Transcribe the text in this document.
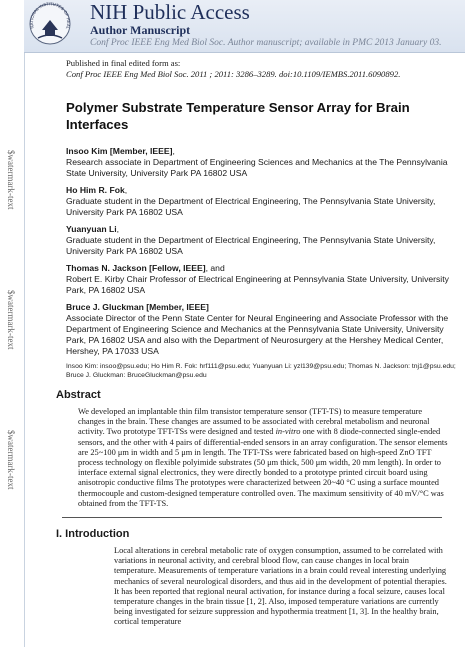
$watermark-text
$watermark-text
$watermark-text
NATIONAL INSTITUTES OF HEAL
NIH Public Access
Author Manuscript
Conf Proc IEEE Eng Med Biol Soc. Author manuscript; available in PMC 2013 January 03.
Published in final edited form as:
Conf Proc IEEE Eng Med Biol Soc. 2011 ; 2011: 3286–3289. doi:10.1109/IEMBS.2011.6090892.
Polymer Substrate Temperature Sensor Array for Brain Interfaces
Insoo Kim [Member, IEEE],
Research associate in Department of Engineering Sciences and Mechanics at the The Pennsylvania State University, University Park PA 16802 USA
Ho Him R. Fok,
Graduate student in the Department of Electrical Engineering, The Pennsylvania State University, University Park PA 16802 USA
Yuanyuan Li,
Graduate student in the Department of Electrical Engineering, The Pennsylvania State University, University Park PA 16802 USA
Thomas N. Jackson [Fellow, IEEE], and
Robert E. Kirby Chair Professor of Electrical Engineering at Pennsylvania State University, University Park, PA 16802 USA
Bruce J. Gluckman [Member, IEEE]
Associate Director of the Penn State Center for Neural Engineering and Associate Professor with the Department of Engineering Science and Mechanics at the Pennsylvania State University, University Park, PA 16802 USA and also with the Department of Neurosurgery at the Hershey Medical Center, Hershey, PA 17033 USA
Insoo Kim: insoo@psu.edu; Ho Him R. Fok: hrf111@psu.edu; Yuanyuan Li: yzl139@psu.edu; Thomas N. Jackson: tnj1@psu.edu; Bruce J. Gluckman: BruceGluckman@psu.edu
Abstract
We developed an implantable thin film transistor temperature sensor (TFT-TS) to measure temperature changes in the brain. These changes are assumed to be associated with cerebral metabolism and neuronal activity. Two prototype TFT-TSs were designed and tested in-vitro one with 8 diode-connected single-ended sensors, and the other with 4 pairs of differential-ended sensors in an array configuration. The sensor elements are 25~100 μm in width and 5 μm in length. The TFT-TSs were fabricated based on high-speed ZnO TFT process technology on flexible polyimide substrates (50 μm thick, 500 μm width, 20 mm length). In order to interface external signal electronics, they were directly bonded to a prototype printed circuit board using anisotropic conductive films The prototypes were characterized between 20~40 °C using a surface mounted thermocouple and custom-designed temperature controlled oven. The maximum sensitivity of 40 mV/°C was obtained from the TFT-TS.
I. Introduction
Local alterations in cerebral metabolic rate of oxygen consumption, assumed to be correlated with variations in neuronal activity, and cerebral blood flow, can cause changes in local brain temperature. Measurements of temperature variations in a brain could reveal interesting underlying mechanics of several neurological disorders, and thus aid in the development of potential therapies. It has been reported that regional neural activation, for instance during a focal seizure, causes local temperature changes in the brain tissue [1, 2]. Also, imposed temperature variations are currently being investigated for seizure suppression and hypothermia treatment [1, 3]. In the healthy brain, cortical temperature
